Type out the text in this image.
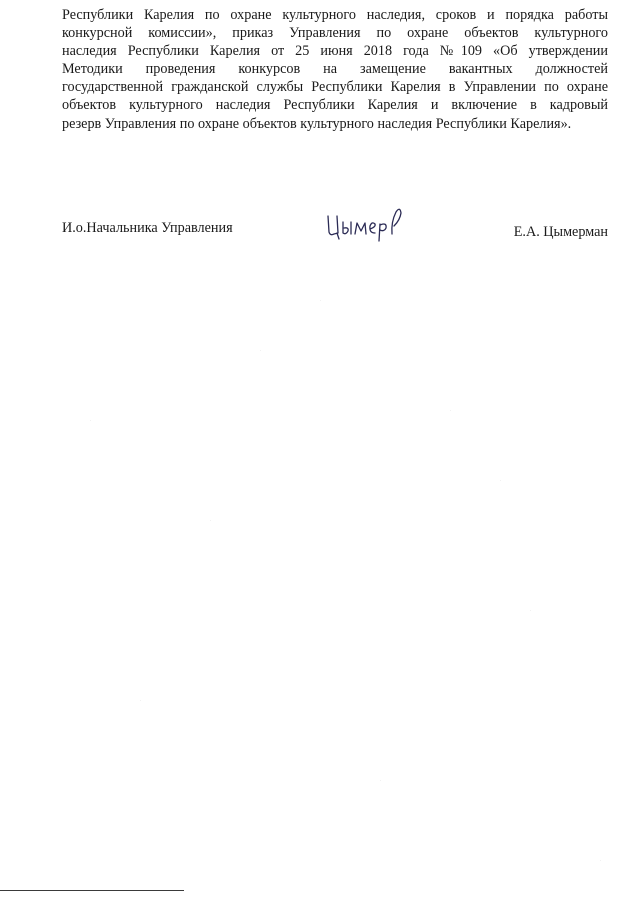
Республики Карелия по охране культурного наследия, сроков и порядка работы
конкурсной комиссии», приказ Управления по охране объектов культурного
наследия Республики Карелия от 25 июня 2018 года №109 «Об утверждении
Методики проведения конкурсов на замещение вакантных должностей
государственной гражданской службы Республики Карелия в Управлении по охране
объектов культурного наследия Республики Карелия и включение в кадровый
резерв Управления по охране объектов культурного наследия Республики Карелия».

И.о.Начальника Управления	Е.А. Цымерман
